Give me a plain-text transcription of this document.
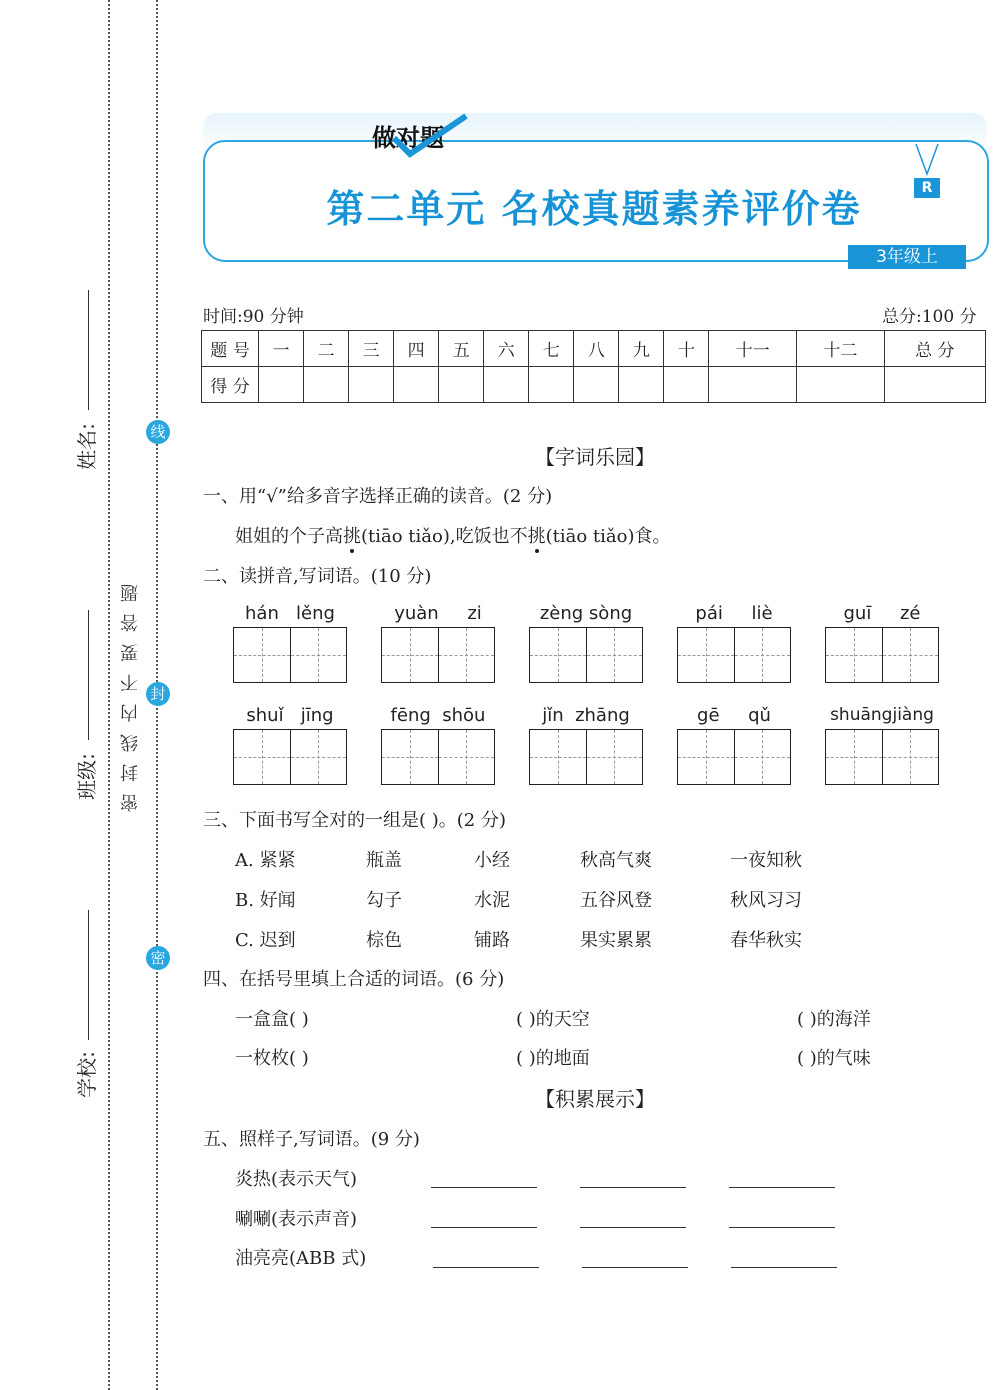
姓名:
班级:
学校:
线
封
密
密封线内不要答题
做对题
第二单元 名校真题素养评价卷	R
3年级上
时间:90 分钟	总分:100 分
题 号	一	二	三	四	五	六	七	八	九	十	十一	十二	总 分
得 分													
【字词乐园】
一、用“√”给多音字选择正确的读音。(2 分)
姐姐的个子高挑(tiāo tiǎo),吃饭也不挑(tiāo tiǎo)食。
二、读拼音,写词语。(10 分)
hán lěng	yuàn zi	zèng sòng	pái liè	guī zé
shuǐ jīng	fēng shōu	jǐn zhāng	gē qǔ	shuāngjiàng
三、下面书写全对的一组是( )。(2 分)
A. 紧紧	瓶盖	小经	秋高气爽	一夜知秋
B. 好闻	勾子	水泥	五谷风登	秋风习习
C. 迟到	棕色	铺路	果实累累	春华秋实
四、在括号里填上合适的词语。(6 分)
一盒盒( )	( )的天空	( )的海洋
一枚枚( )	( )的地面	( )的气味
【积累展示】
五、照样子,写词语。(9 分)
炎热(表示天气)
唰唰(表示声音)
油亮亮(ABB 式)
